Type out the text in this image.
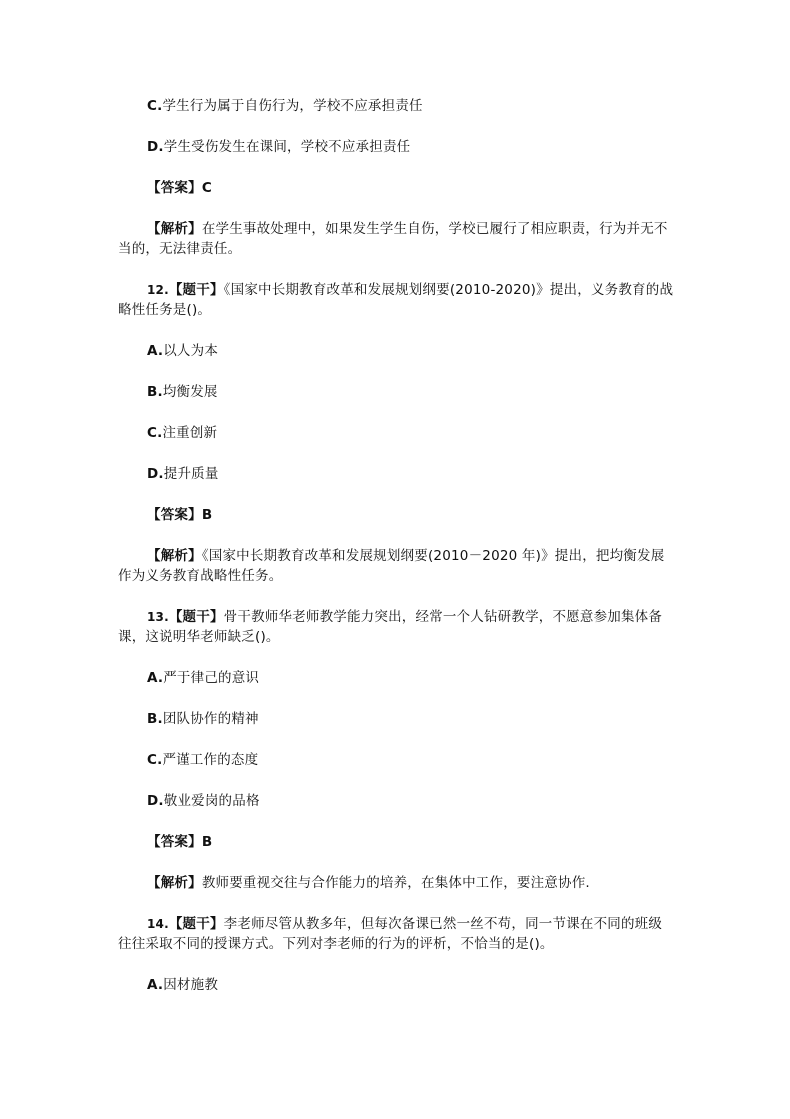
C.学生行为属于自伤行为，学校不应承担责任

D.学生受伤发生在课间，学校不应承担责任

【答案】C

【解析】在学生事故处理中，如果发生学生自伤，学校已履行了相应职责，行为并无不当的，无法律责任。

12.【题干】《国家中长期教育改革和发展规划纲要(2010-2020)》提出，义务教育的战略性任务是()。

A.以人为本

B.均衡发展

C.注重创新

D.提升质量

【答案】B

【解析】《国家中长期教育改革和发展规划纲要(2010－2020 年)》提出，把均衡发展作为义务教育战略性任务。

13.【题干】骨干教师华老师教学能力突出，经常一个人钻研教学，不愿意参加集体备课，这说明华老师缺乏()。

A.严于律己的意识

B.团队协作的精神

C.严谨工作的态度

D.敬业爱岗的品格

【答案】B

【解析】教师要重视交往与合作能力的培养，在集体中工作，要注意协作.

14.【题干】李老师尽管从教多年，但每次备课已然一丝不苟，同一节课在不同的班级往往采取不同的授课方式。下列对李老师的行为的评析，不恰当的是()。

A.因材施教
